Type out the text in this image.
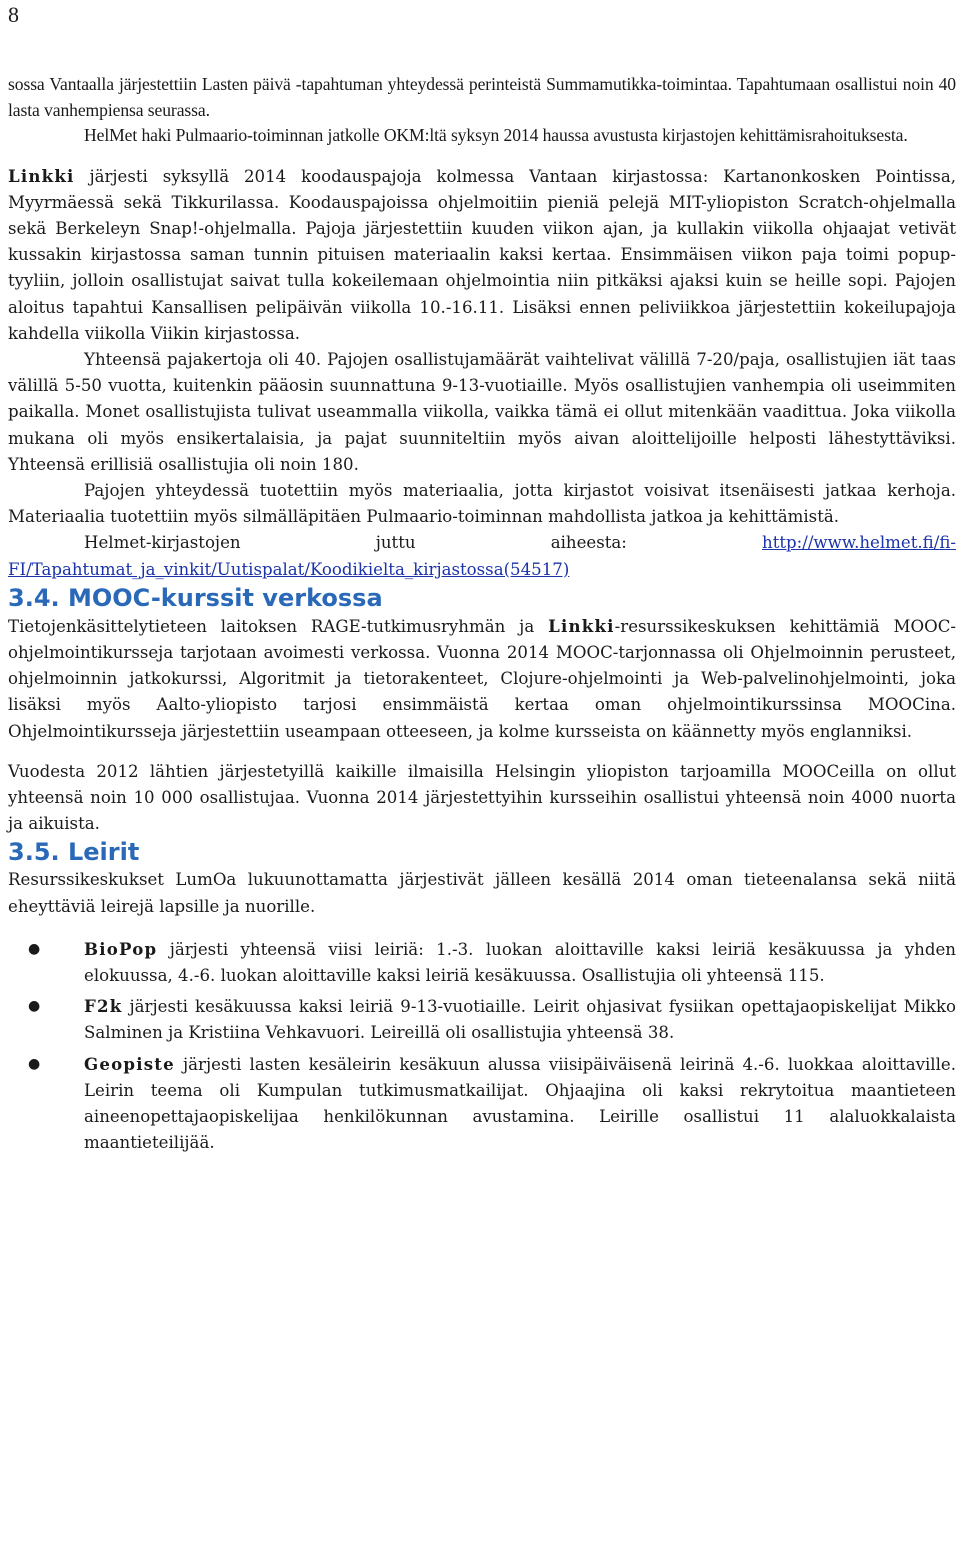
8

sossa Vantaalla järjestettiin Lasten päivä -tapahtuman yhteydessä perinteistä Summamutikka-toimintaa. Tapahtumaan osallistui noin 40 lasta vanhempiensa seurassa.

HelMet haki Pulmaario-toiminnan jatkolle OKM:ltä syksyn 2014 haussa avustusta kirjastojen kehittämisrahoituksesta.

Linkki järjesti syksyllä 2014 koodauspajoja kolmessa Vantaan kirjastossa: Kartanonkosken Pointissa, Myyrmäessä sekä Tikkurilassa. Koodauspajoissa ohjelmoitiin pieniä pelejä MIT-yliopiston Scratch-ohjelmalla sekä Berkeleyn Snap!-ohjelmalla. Pajoja järjestettiin kuuden viikon ajan, ja kullakin viikolla ohjaajat vetivät kussakin kirjastossa saman tunnin pituisen materiaalin kaksi kertaa. Ensimmäisen viikon paja toimi popup-tyyliin, jolloin osallistujat saivat tulla kokeilemaan ohjelmointia niin pitkäksi ajaksi kuin se heille sopi. Pajojen aloitus tapahtui Kansallisen pelipäivän viikolla 10.-16.11. Lisäksi ennen peliviikkoa järjestettiin kokeilupajoja kahdella viikolla Viikin kirjastossa.

Yhteensä pajakertoja oli 40. Pajojen osallistujamäärät vaihtelivat välillä 7-20/paja, osallistujien iät taas välillä 5-50 vuotta, kuitenkin pääosin suunnattuna 9-13-vuotiaille. Myös osallistujien vanhempia oli useimmiten paikalla. Monet osallistujista tulivat useammalla viikolla, vaikka tämä ei ollut mitenkään vaadittua. Joka viikolla mukana oli myös ensikertalaisia, ja pajat suunniteltiin myös aivan aloittelijoille helposti lähestyttäviksi. Yhteensä erillisiä osallistujia oli noin 180.

Pajojen yhteydessä tuotettiin myös materiaalia, jotta kirjastot voisivat itsenäisesti jatkaa kerhoja. Materiaalia tuotettiin myös silmälläpitäen Pulmaario-toiminnan mahdollista jatkoa ja kehittämistä.

Helmet-kirjastojen juttu aiheesta: http://www.helmet.fi/fi-FI/Tapahtumat_ja_vinkit/Uutispalat/Koodikielta_kirjastossa(54517)

3.4. MOOC-kurssit verkossa

Tietojenkäsittelytieteen laitoksen RAGE-tutkimusryhmän ja Linkki-resurssikeskuksen kehittämiä MOOC-ohjelmointikursseja tarjotaan avoimesti verkossa. Vuonna 2014 MOOC-tarjonnassa oli Ohjelmoinnin perusteet, ohjelmoinnin jatkokurssi, Algoritmit ja tietorakenteet, Clojure-ohjelmointi ja Web-palvelinohjelmointi, joka lisäksi myös Aalto-yliopisto tarjosi ensimmäistä kertaa oman ohjelmointikurssinsa MOOCina. Ohjelmointikursseja järjestettiin useampaan otteeseen, ja kolme kursseista on käännetty myös englanniksi.

Vuodesta 2012 lähtien järjestetyillä kaikille ilmaisilla Helsingin yliopiston tarjoamilla MOOCeilla on ollut yhteensä noin 10 000 osallistujaa. Vuonna 2014 järjestettyihin kursseihin osallistui yhteensä noin 4000 nuorta ja aikuista.

3.5. Leirit

Resurssikeskukset LumOa lukuunottamatta järjestivät jälleen kesällä 2014 oman tieteenalansa sekä niitä eheyttäviä leirejä lapsille ja nuorille.

● BioPop järjesti yhteensä viisi leiriä: 1.-3. luokan aloittaville kaksi leiriä kesäkuussa ja yhden elokuussa, 4.-6. luokan aloittaville kaksi leiriä kesäkuussa. Osallistujia oli yhteensä 115.
● F2k järjesti kesäkuussa kaksi leiriä 9-13-vuotiaille. Leirit ohjasivat fysiikan opettajaopiskelijat Mikko Salminen ja Kristiina Vehkavuori. Leireillä oli osallistujia yhteensä 38.
● Geopiste järjesti lasten kesäleirin kesäkuun alussa viisipäiväisenä leirinä 4.-6. luokkaa aloittaville. Leirin teema oli Kumpulan tutkimusmatkailijat. Ohjaajina oli kaksi rekrytoitua maantieteen aineenopettajaopiskelijaa henkilökunnan avustamina. Leirille osallistui 11 alaluokkalaista maantieteilijää.
